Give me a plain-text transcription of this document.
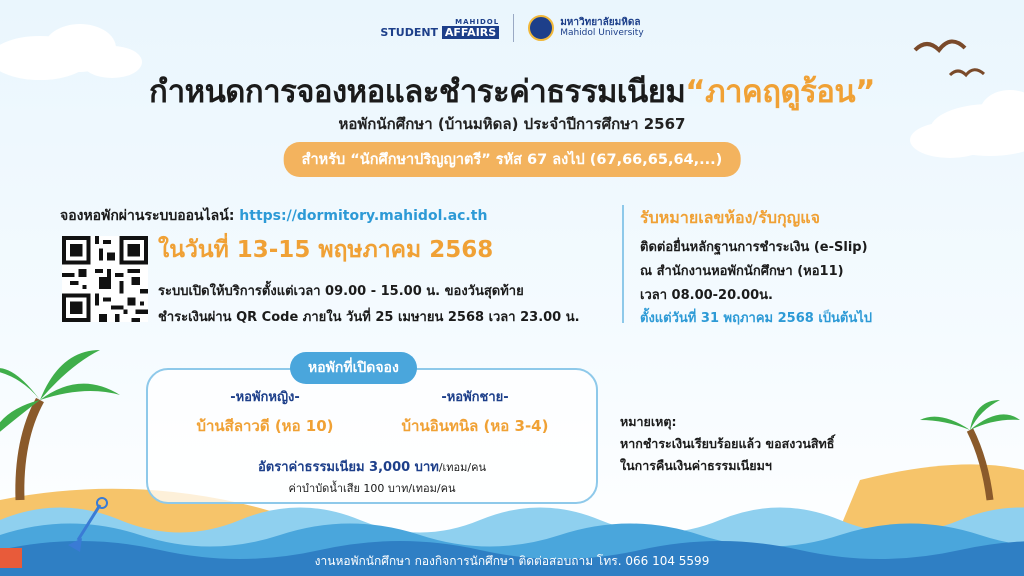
MAHIDOL
STUDENT AFFAIRS
มหาวิทยาลัยมหิดล
Mahidol University
กำหนดการจองหอและชำระค่าธรรมเนียม“ภาคฤดูร้อน”
หอพักนักศึกษา (บ้านมหิดล) ประจำปีการศึกษา 2567
สำหรับ “นักศึกษาปริญญาตรี” รหัส 67 ลงไป (67,66,65,64,...)
จองหอพักผ่านระบบออนไลน์: https://dormitory.mahidol.ac.th
ในวันที่ 13-15 พฤษภาคม 2568
ระบบเปิดให้บริการตั้งแต่เวลา 09.00 - 15.00 น. ของวันสุดท้าย
ชำระเงินผ่าน QR Code ภายใน วันที่ 25 เมษายน 2568 เวลา 23.00 น.
รับหมายเลขห้อง/รับกุญแจ
ติดต่อยื่นหลักฐานการชำระเงิน (e-Slip)
ณ สำนักงานหอพักนักศึกษา (หอ11)
เวลา 08.00-20.00น.
ตั้งแต่วันที่ 31 พฤภาคม 2568 เป็นต้นไป
หอพักที่เปิดจอง
-หอพักหญิง-
บ้านสีลาวดี (หอ 10)
-หอพักชาย-
บ้านอินทนิล (หอ 3-4)
อัตราค่าธรรมเนียม 3,000 บาท/เทอม/คน
ค่าบำบัดน้ำเสีย 100 บาท/เทอม/คน
หมายเหตุ:
หากชำระเงินเรียบร้อยแล้ว ขอสงวนสิทธิ์
ในการคืนเงินค่าธรรมเนียมฯ
งานหอพักนักศึกษา กองกิจการนักศึกษา ติดต่อสอบถาม โทร. 066 104 5599
